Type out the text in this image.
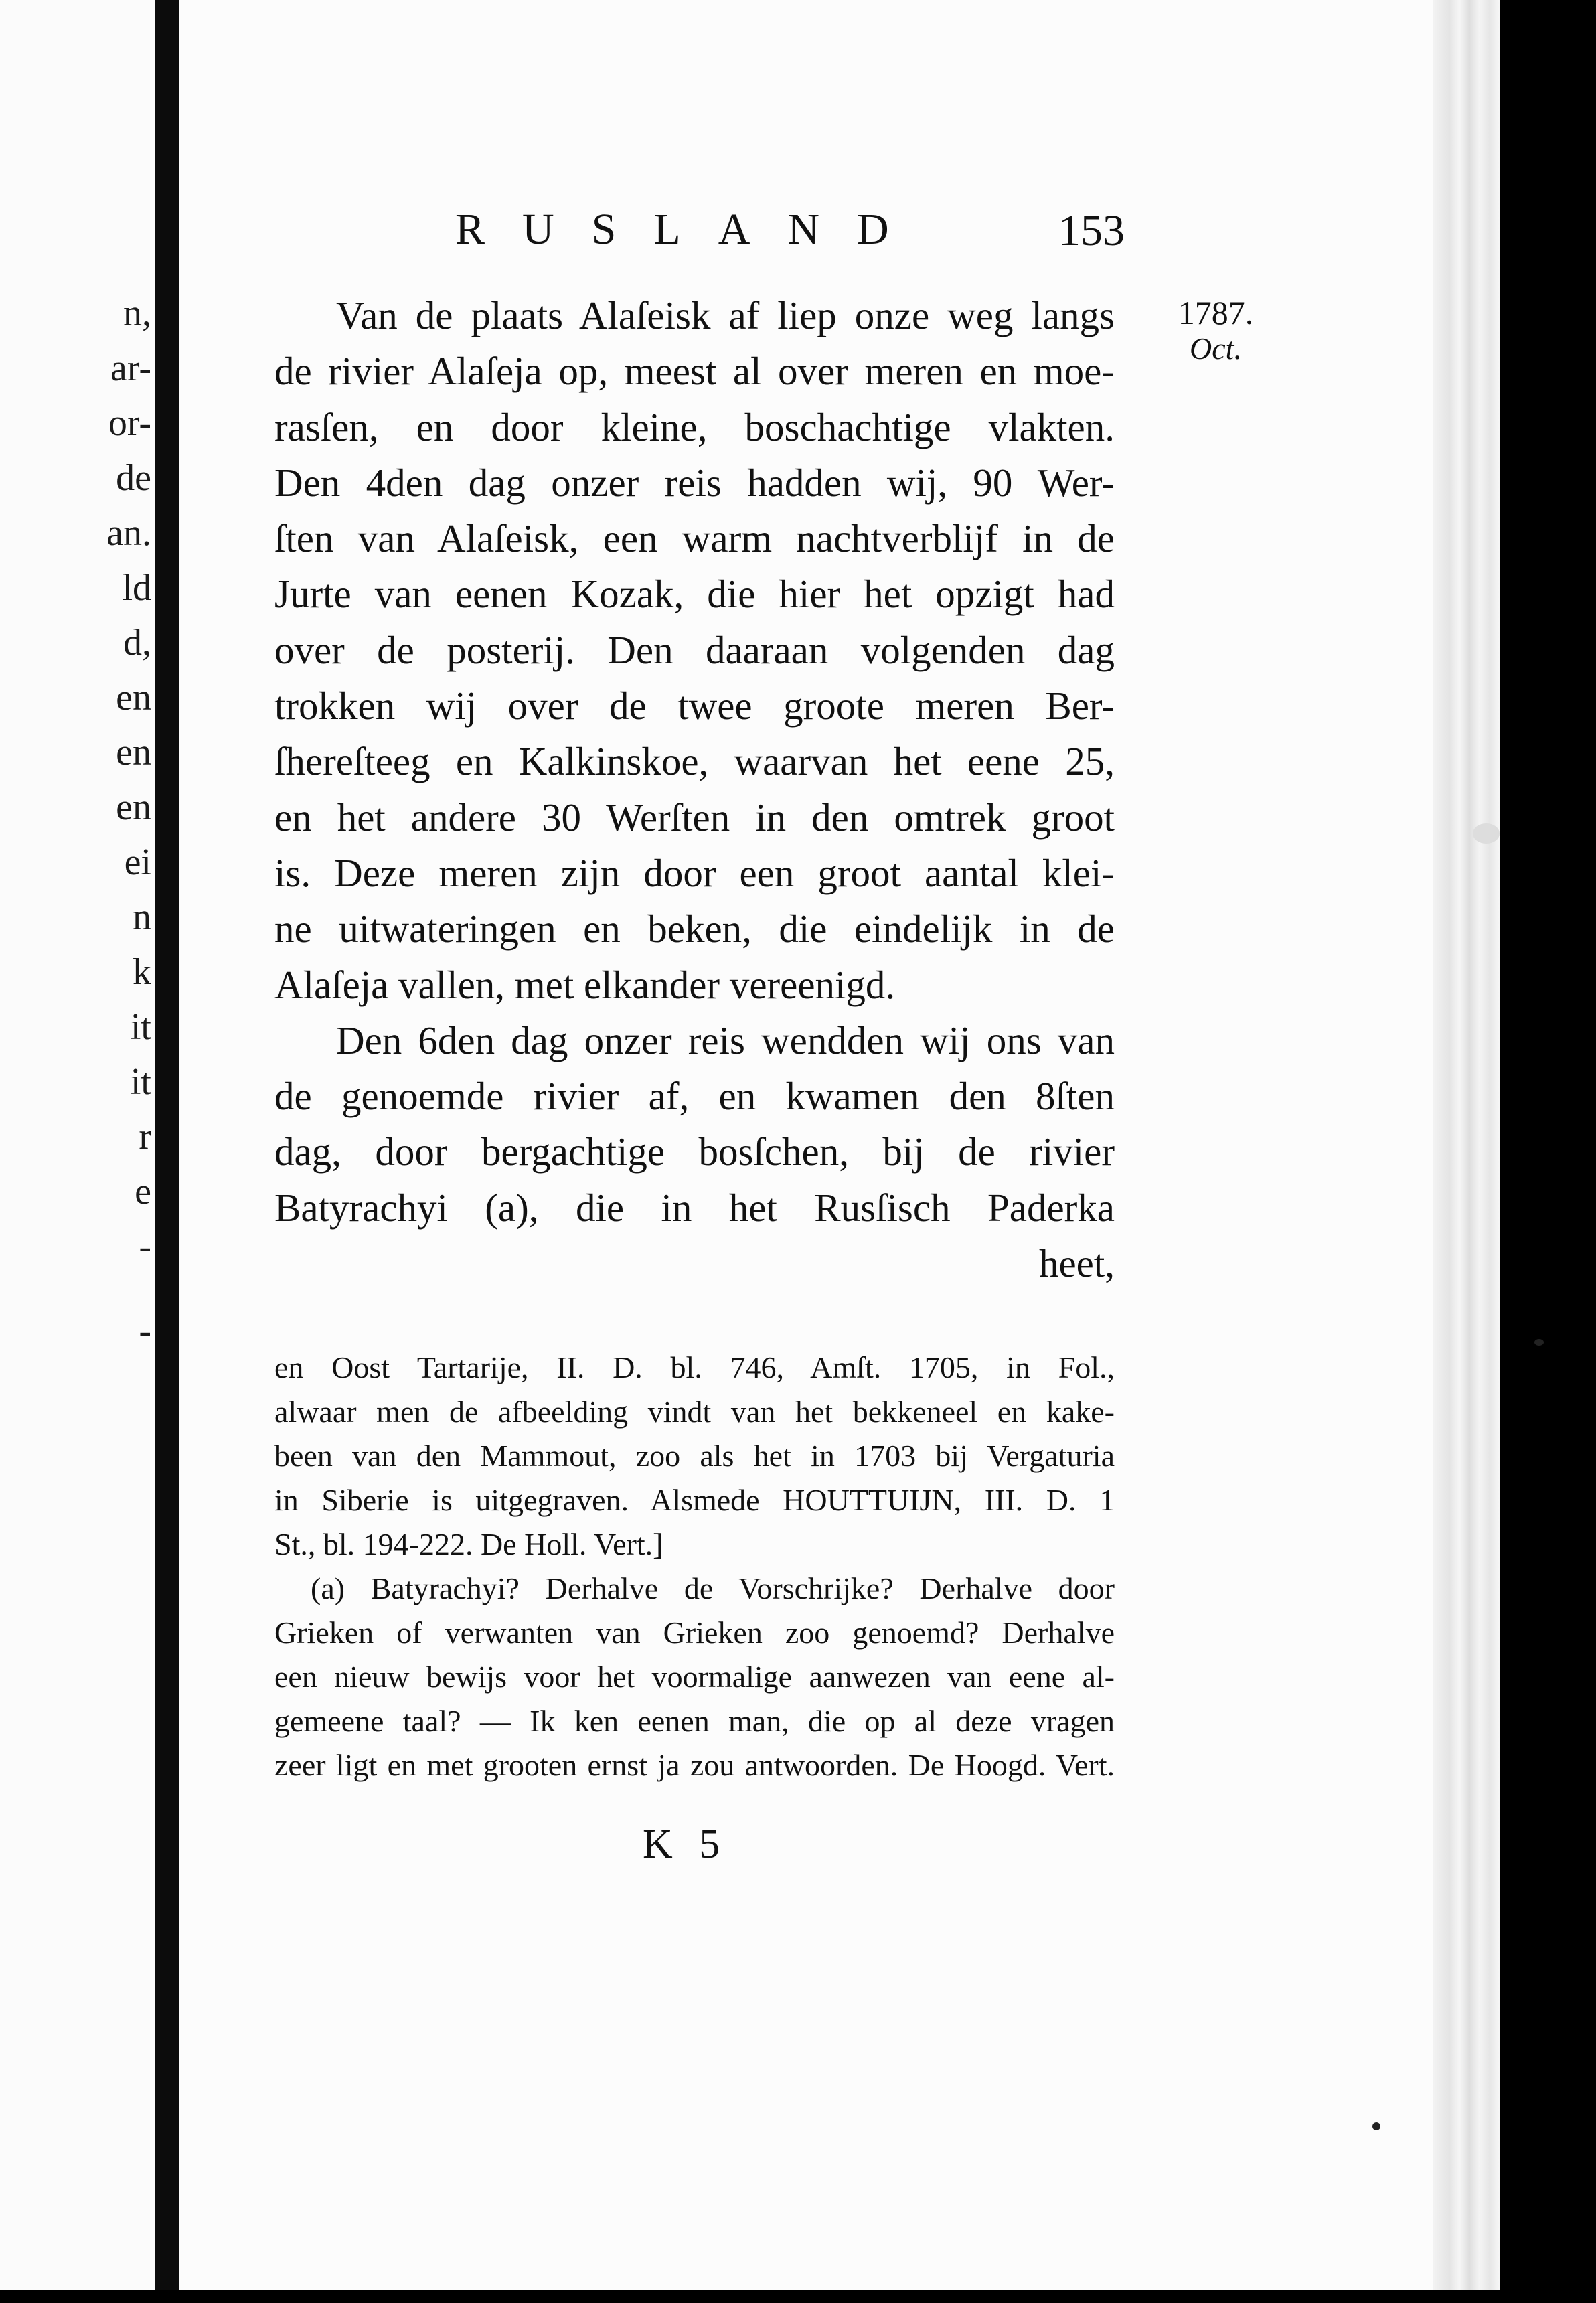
n,
ar-
or-
de
an.
ld
d,
en
en
en
ei
n
k
it
it
r
e
-
-
RUSLAND	153
1787.
Oct.
Van de plaats Alaſeisk af liep onze weg langs
de rivier Alaſeja op, meest al over meren en moe-
rasſen, en door kleine, boschachtige vlakten.
Den 4den dag onzer reis hadden wij, 90 Wer-
ſten van Alaſeisk, een warm nachtverblijf in de
Jurte van eenen Kozak, die hier het opzigt had
over de posterij. Den daaraan volgenden dag
trokken wij over de twee groote meren Ber-
ſhereſteeg en Kalkinskoe, waarvan het eene 25,
en het andere 30 Werſten in den omtrek groot
is. Deze meren zijn door een groot aantal klei-
ne uitwateringen en beken, die eindelijk in de
Alaſeja vallen, met elkander vereenigd.
Den 6den dag onzer reis wendden wij ons van
de genoemde rivier af, en kwamen den 8ſten
dag, door bergachtige bosſchen, bij de rivier
Batyrachyi (a), die in het Rusſisch Paderka
heet,
en Oost Tartarije, II. D. bl. 746, Amſt. 1705, in Fol.,
alwaar men de afbeelding vindt van het bekkeneel en kake-
been van den Mammout, zoo als het in 1703 bij Vergaturia
in Siberie is uitgegraven. Alsmede HOUTTUIJN, III. D. 1
St., bl. 194-222. De Holl. Vert.]
(a) Batyrachyi? Derhalve de Vorschrijke? Derhalve door
Grieken of verwanten van Grieken zoo genoemd? Derhalve
een nieuw bewijs voor het voormalige aanwezen van eene al-
gemeene taal? — Ik ken eenen man, die op al deze vragen
zeer ligt en met grooten ernst ja zou antwoorden. De Hoogd. Vert.
K 5
